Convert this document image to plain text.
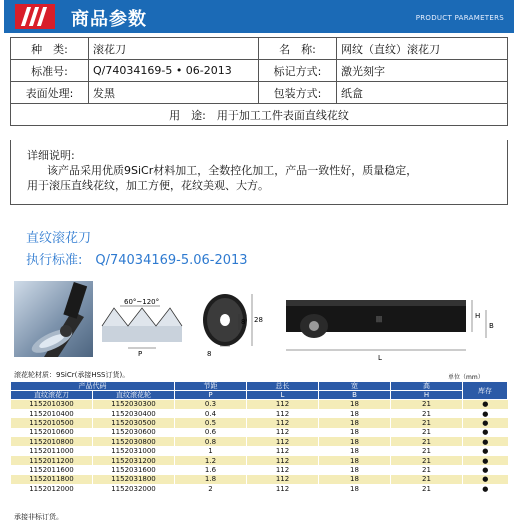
商品参数	PRODUCT PARAMETERS
种　类:	滚花刀	名　称:	网纹（直纹）滚花刀
标准号:	Q/74034169-5 • 06-2013	标记方式:	激光刻字
表面处理:	发黑	包装方式:	纸盒
用　途:　用于加工工件表面直线花纹			
详细说明:
该产品采用优质9SiCr材料加工，全数控化加工，产品一致性好，质量稳定，
用于滚压直线花纹，加工方便，花纹美观、大方。
直纹滚花刀
执行标准:　Q/74034169-5.06-2013
60°~120°
P	8
8 28	|||	H
B
L
滚花轮材质：9SiCr(承接HSS订货)。	单位（mm）
产品代码		节距	总长	宽	高	库存
直纹滚花刀	直纹滚花轮	P	L	B	H	
1152010300	1152030300	0.3	112	18	21	●
1152010400	1152030400	0.4	112	18	21	●
1152010500	1152030500	0.5	112	18	21	●
1152010600	1152030600	0.6	112	18	21	●
1152010800	1152030800	0.8	112	18	21	●
1152011000	1152031000	1	112	18	21	●
1152011200	1152031200	1.2	112	18	21	●
1152011600	1152031600	1.6	112	18	21	●
1152011800	1152031800	1.8	112	18	21	●
1152012000	1152032000	2	112	18	21	●
承接非标订货。
